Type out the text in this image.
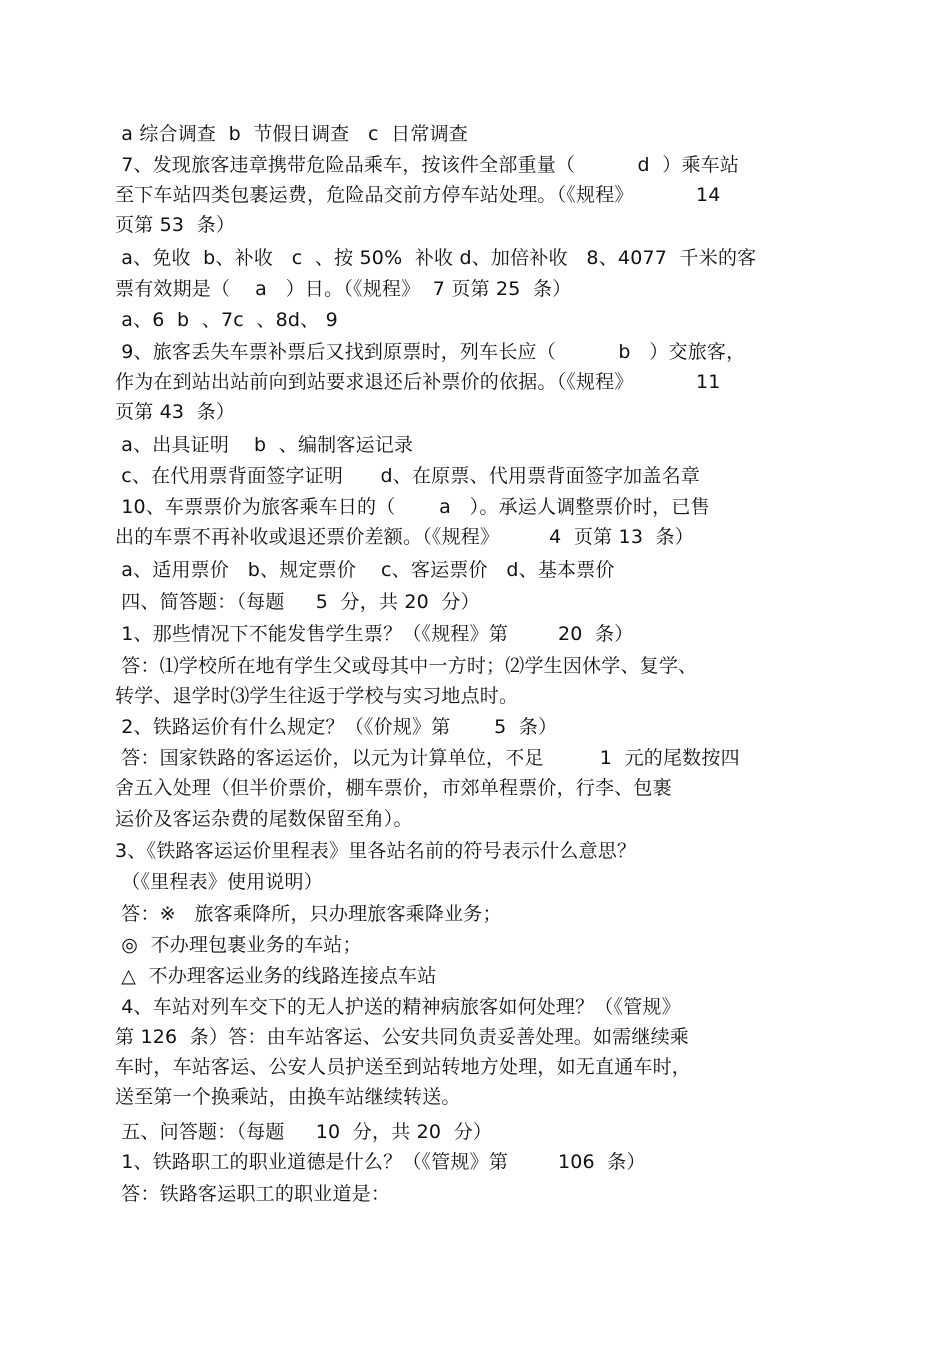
a 综合调查  b  节假日调查   c  日常调查
7、发现旅客违章携带危险品乘车，按该件全部重量（          d  ）乘车站
至下车站四类包裹运费，危险品交前方停车站处理。（《规程》          14
页第 53  条）
a、免收  b、补收   c  、按 50%  补收 d、加倍补收   8、4077  千米的客
票有效期是（    a   ）日。（《规程》  7 页第 25  条）
a、6  b  、7c  、8d、 9
9、旅客丢失车票补票后又找到原票时，列车长应（          b   ）交旅客，
作为在到站出站前向到站要求退还后补票价的依据。（《规程》          11
页第 43  条）
a、出具证明    b  、编制客运记录
c、在代用票背面签字证明      d、在原票、代用票背面签字加盖名章
10、车票票价为旅客乘车日的（       a   ）。承运人调整票价时，已售
出的车票不再补收或退还票价差额。（《规程》        4  页第 13  条）
a、适用票价   b、规定票价    c、客运票价   d、基本票价
四、简答题：（每题     5  分，共 20  分）
1、那些情况下不能发售学生票？（《规程》第        20  条）
答：⑴学校所在地有学生父或母其中一方时；⑵学生因休学、复学、
转学、退学时⑶学生往返于学校与实习地点时。
2、铁路运价有什么规定？（《价规》第       5  条）
答：国家铁路的客运运价，以元为计算单位，不足         1  元的尾数按四
舍五入处理（但半价票价，棚车票价，市郊单程票价，行李、包裹
运价及客运杂费的尾数保留至角）。
3、《铁路客运运价里程表》里各站名前的符号表示什么意思？
（《里程表》使用说明）
答：※   旅客乘降所，只办理旅客乘降业务；
◎  不办理包裹业务的车站；
△  不办理客运业务的线路连接点车站
4、车站对列车交下的无人护送的精神病旅客如何处理？（《管规》
第 126  条）答：由车站客运、公安共同负责妥善处理。如需继续乘
车时，车站客运、公安人员护送至到站转地方处理，如无直通车时，
送至第一个换乘站，由换车站继续转送。
五、问答题：（每题     10  分，共 20  分）
1、铁路职工的职业道德是什么？（《管规》第        106  条）
答：铁路客运职工的职业道是：
